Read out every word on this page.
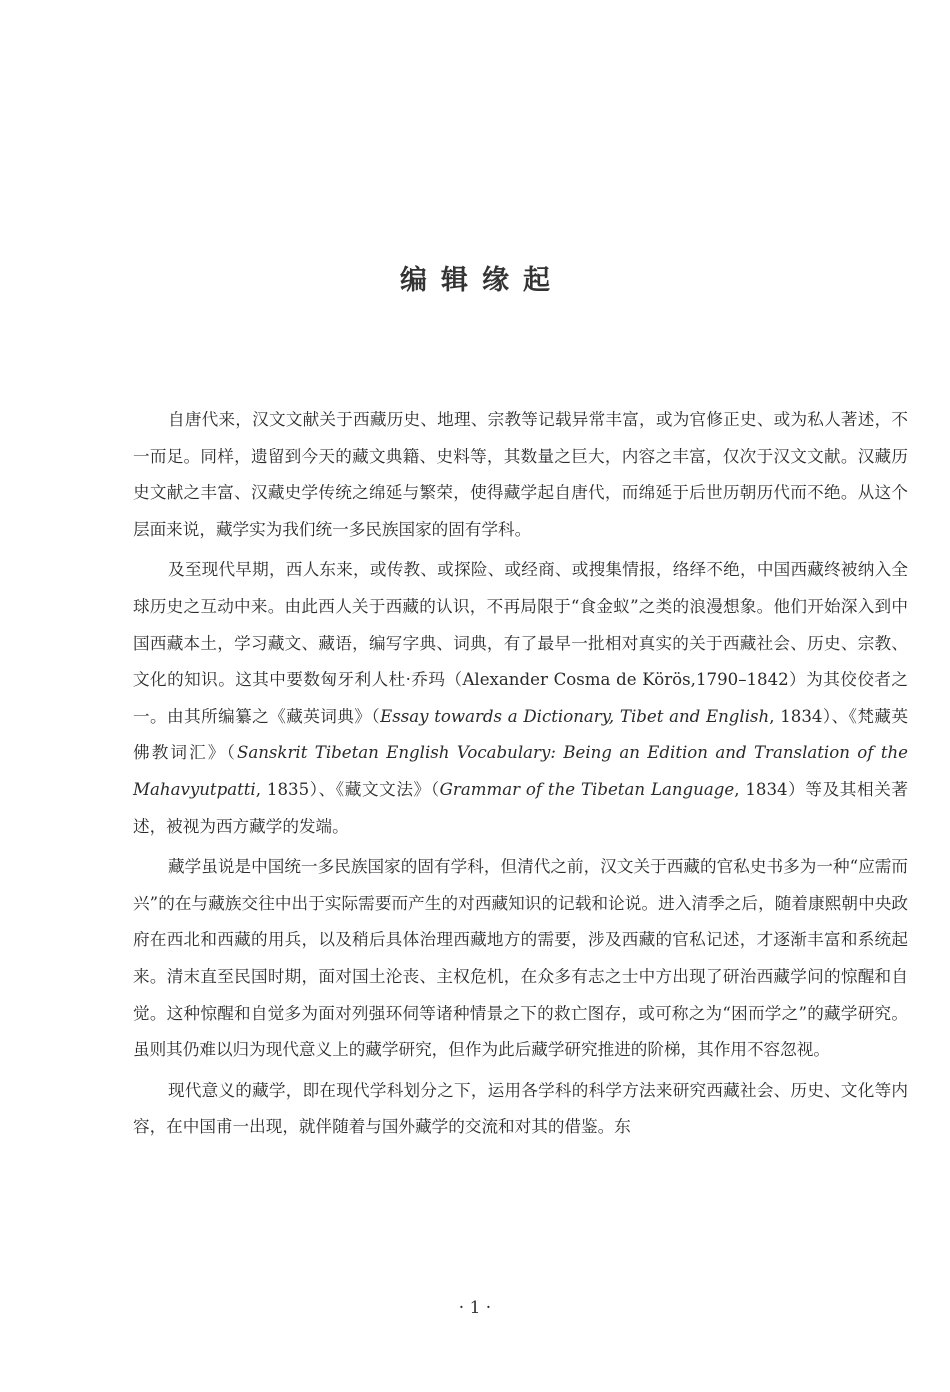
编辑缘起

自唐代来，汉文文献关于西藏历史、地理、宗教等记载异常丰富，或为官修正史、或为私人著述，不一而足。同样，遗留到今天的藏文典籍、史料等，其数量之巨大，内容之丰富，仅次于汉文文献。汉藏历史文献之丰富、汉藏史学传统之绵延与繁荣，使得藏学起自唐代，而绵延于后世历朝历代而不绝。从这个层面来说，藏学实为我们统一多民族国家的固有学科。

及至现代早期，西人东来，或传教、或探险、或经商、或搜集情报，络绎不绝，中国西藏终被纳入全球历史之互动中来。由此西人关于西藏的认识，不再局限于“食金蚁”之类的浪漫想象。他们开始深入到中国西藏本土，学习藏文、藏语，编写字典、词典，有了最早一批相对真实的关于西藏社会、历史、宗教、文化的知识。这其中要数匈牙利人杜·乔玛（Alexander Cosma de Körös,1790–1842）为其佼佼者之一。由其所编纂之《藏英词典》（Essay towards a Dictionary, Tibet and English, 1834）、《梵藏英佛教词汇》（Sanskrit Tibetan English Vocabulary: Being an Edition and Translation of the Mahavyutpatti, 1835）、《藏文文法》（Grammar of the Tibetan Language, 1834）等及其相关著述，被视为西方藏学的发端。

藏学虽说是中国统一多民族国家的固有学科，但清代之前，汉文关于西藏的官私史书多为一种“应需而兴”的在与藏族交往中出于实际需要而产生的对西藏知识的记载和论说。进入清季之后，随着康熙朝中央政府在西北和西藏的用兵，以及稍后具体治理西藏地方的需要，涉及西藏的官私记述，才逐渐丰富和系统起来。清末直至民国时期，面对国土沦丧、主权危机，在众多有志之士中方出现了研治西藏学问的惊醒和自觉。这种惊醒和自觉多为面对列强环伺等诸种情景之下的救亡图存，或可称之为“困而学之”的藏学研究。虽则其仍难以归为现代意义上的藏学研究，但作为此后藏学研究推进的阶梯，其作用不容忽视。

现代意义的藏学，即在现代学科划分之下，运用各学科的科学方法来研究西藏社会、历史、文化等内容，在中国甫一出现，就伴随着与国外藏学的交流和对其的借鉴。东

· 1 ·
